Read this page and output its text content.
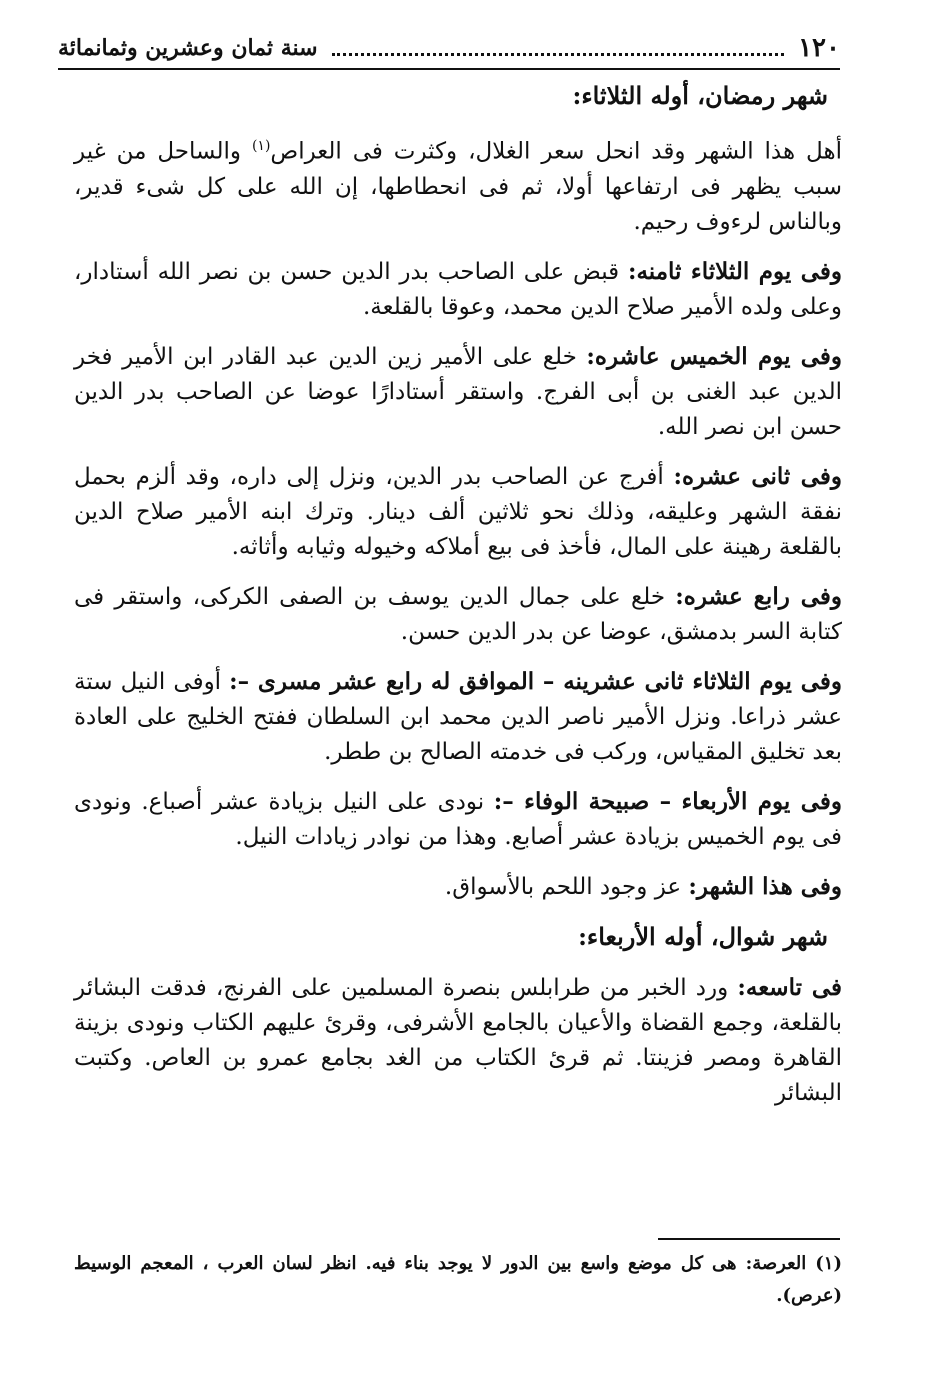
١٢٠
سنة ثمان وعشرين وثمانمائة

شهر رمضان، أوله الثلاثاء:

أهل هذا الشهر وقد انحل سعر الغلال، وكثرت فى العراص$^{(١)}$ والساحل من غير سبب يظهر فى ارتفاعها أولا، ثم فى انحطاطها، إن الله على كل شىء قدير، وبالناس لرءوف رحيم.

وفى يوم الثلاثاء ثامنه: قبض على الصاحب بدر الدين حسن بن نصر الله أستادار، وعلى ولده الأمير صلاح الدين محمد، وعوقا بالقلعة.

وفى يوم الخميس عاشره: خلع على الأمير زين الدين عبد القادر ابن الأمير فخر الدين عبد الغنى بن أبى الفرج. واستقر أستادارًا عوضا عن الصاحب بدر الدين حسن ابن نصر الله.

وفى ثانى عشره: أفرج عن الصاحب بدر الدين، ونزل إلى داره، وقد ألزم بحمل نفقة الشهر وعليقه، وذلك نحو ثلاثين ألف دينار. وترك ابنه الأمير صلاح الدين بالقلعة رهينة على المال، فأخذ فى بيع أملاكه وخيوله وثيابه وأثاثه.

وفى رابع عشره: خلع على جمال الدين يوسف بن الصفى الكركى، واستقر فى كتابة السر بدمشق، عوضا عن بدر الدين حسن.

وفى يوم الثلاثاء ثانى عشرينه – الموافق له رابع عشر مسرى –: أوفى النيل ستة عشر ذراعا. ونزل الأمير ناصر الدين محمد ابن السلطان ففتح الخليج على العادة بعد تخليق المقياس، وركب فى خدمته الصالح بن ططر.

وفى يوم الأربعاء – صبيحة الوفاء –: نودى على النيل بزيادة عشر أصباع. ونودى فى يوم الخميس بزيادة عشر أصابع. وهذا من نوادر زيادات النيل.

وفى هذا الشهر: عز وجود اللحم بالأسواق.

شهر شوال، أوله الأربعاء:

فى تاسعه: ورد الخبر من طرابلس بنصرة المسلمين على الفرنج، فدقت البشائر بالقلعة، وجمع القضاة والأعيان بالجامع الأشرفى، وقرئ عليهم الكتاب ونودى بزينة القاهرة ومصر فزينتا. ثم قرئ الكتاب من الغد بجامع عمرو بن العاص. وكتبت البشائر

(١) العرصة: هى كل موضع واسع بين الدور لا يوجد بناء فيه. انظر لسان العرب ، المعجم الوسيط (عرص).
